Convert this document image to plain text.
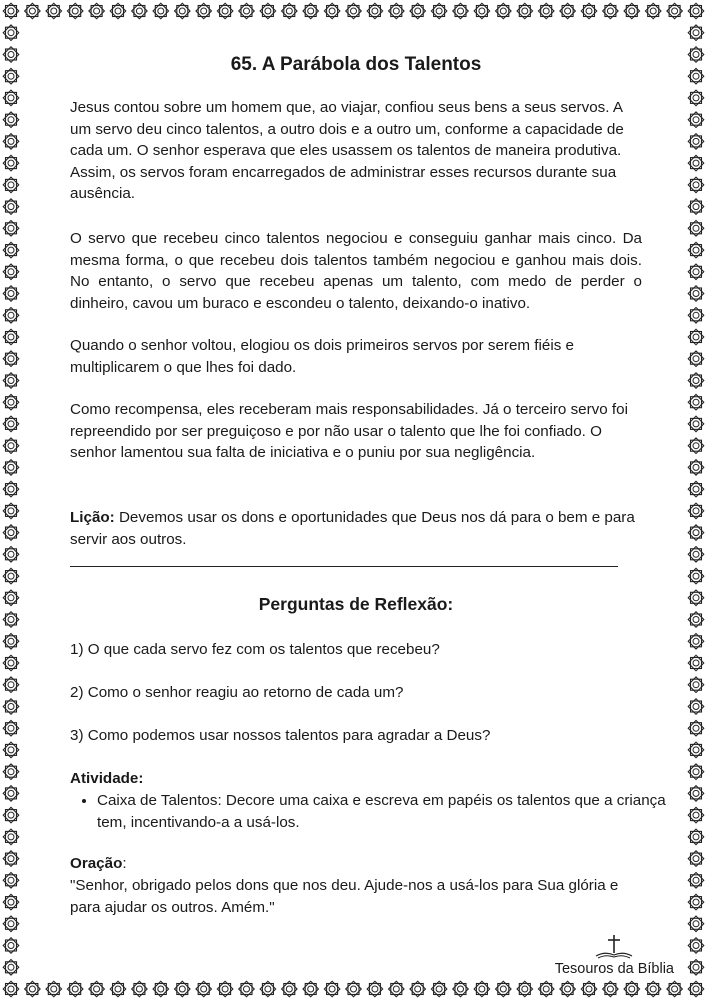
65. A Parábola dos Talentos

Jesus contou sobre um homem que, ao viajar, confiou seus bens a seus servos. A um servo deu cinco talentos, a outro dois e a outro um, conforme a capacidade de cada um. O senhor esperava que eles usassem os talentos de maneira produtiva. Assim, os servos foram encarregados de administrar esses recursos durante sua ausência.

O servo que recebeu cinco talentos negociou e conseguiu ganhar mais cinco. Da mesma forma, o que recebeu dois talentos também negociou e ganhou mais dois. No entanto, o servo que recebeu apenas um talento, com medo de perder o dinheiro, cavou um buraco e escondeu o talento, deixando-o inativo.

Quando o senhor voltou, elogiou os dois primeiros servos por serem fiéis e multiplicarem o que lhes foi dado.

Como recompensa, eles receberam mais responsabilidades. Já o terceiro servo foi repreendido por ser preguiçoso e por não usar o talento que lhe foi confiado. O senhor lamentou sua falta de iniciativa e o puniu por sua negligência.

Lição: Devemos usar os dons e oportunidades que Deus nos dá para o bem e para servir aos outros.

Perguntas de Reflexão:

1) O que cada servo fez com os talentos que recebeu?

2) Como o senhor reagiu ao retorno de cada um?

3) Como podemos usar nossos talentos para agradar a Deus?

Atividade:

• Caixa de Talentos: Decore uma caixa e escreva em papéis os talentos que a criança tem, incentivando-a a usá-los.

Oração:

"Senhor, obrigado pelos dons que nos deu. Ajude-nos a usá-los para Sua glória e para ajudar os outros. Amém."

Tesouros da Bíblia
